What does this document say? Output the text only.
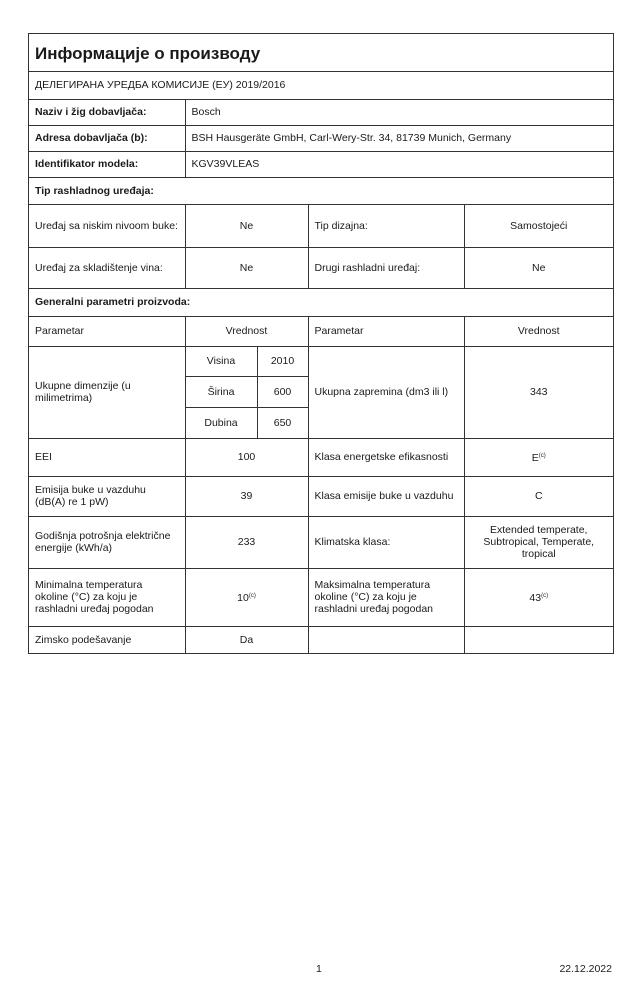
Информације о производу
ДЕЛЕГИРАНА УРЕДБА КОМИСИЈЕ (ЕУ) 2019/2016
Naziv i žig dobavljača:	Bosch			
Adresa dobavljača (b):	BSH Hausgeräte GmbH, Carl-Wery-Str. 34, 81739 Munich, Germany			
Identifikator modela:	KGV39VLEAS			
Tip rashladnog uređaja:				
Uređaj sa niskim nivoom buke:	Ne		Tip dizajna:	Samostojeći
Uređaj za skladištenje vina:	Ne		Drugi rashladni uređaj:	Ne
Generalni parametri proizvoda:				
Parametar	Vrednost		Parametar	Vrednost
Ukupne dimenzije (u milimetrima)	Visina	2010	Ukupna zapremina (dm3 ili l)	343
	Širina	600		
	Dubina	650		
EEI	100		Klasa energetske efikasnosti	$E^{(c)}$
Emisija buke u vazduhu (dB(A) re 1 pW)	39		Klasa emisije buke u vazduhu	C
Godišnja potrošnja električne energije (kWh/a)	233		Klimatska klasa:	Extended temperate, Subtropical, Temperate, tropical
Minimalna temperatura okoline (°C) za koju je rashladni uređaj pogodan	10$^{(c)}$		Maksimalna temperatura okoline (°C) za koju je rashladni uređaj pogodan	43$^{(c)}$
Zimsko podešavanje	Da			
1	22.12.2022
